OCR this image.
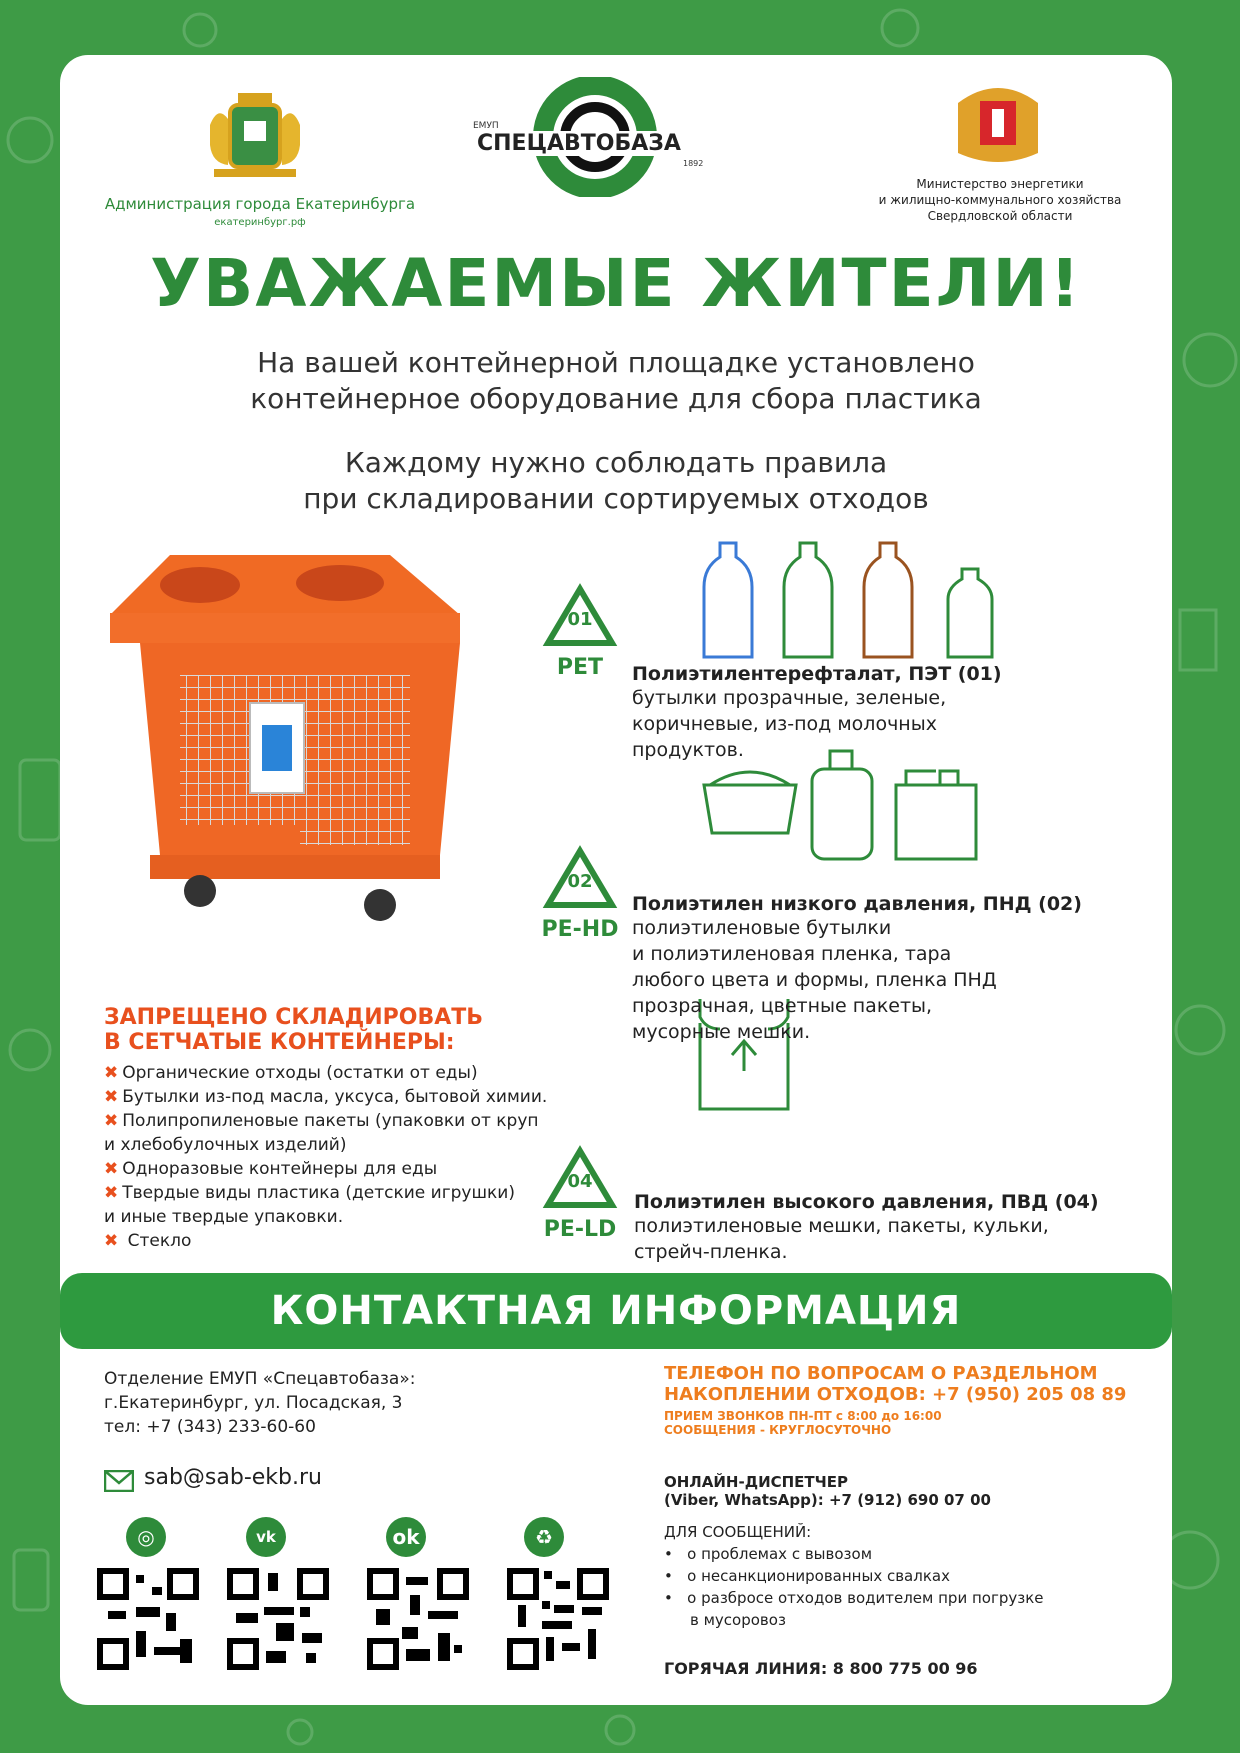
Администрация города Екатеринбурга
екатеринбург.рф
ЕМУП
СПЕЦАВТОБАЗА
1892
Министерство энергетики
и жилищно-коммунального хозяйства
Свердловской области
УВАЖАЕМЫЕ ЖИТЕЛИ!
На вашей контейнерной площадке установлено
контейнерное оборудование для сбора пластика
Каждому нужно соблюдать правила
при складировании сортируемых отходов
01
PET	Полиэтилентерефталат, ПЭТ (01)
бутылки прозрачные, зеленые,
коричневые, из-под молочных
продуктов.
02
PE-HD
Полиэтилен низкого давления, ПНД (02)
полиэтиленовые бутылки
и полиэтиленовая пленка, тара
любого цвета и формы, пленка ПНД
прозрачная, цветные пакеты,
мусорные мешки.
04
PE-LD
Полиэтилен высокого давления, ПВД (04)
полиэтиленовые мешки, пакеты, кульки,
стрейч-пленка.
ЗАПРЕЩЕНО СКЛАДИРОВАТЬ
В СЕТЧАТЫЕ КОНТЕЙНЕРЫ:
✖ Органические отходы (остатки от еды)
✖ Бутылки из-под масла, уксуса, бытовой химии.
✖ Полипропиленовые пакеты (упаковки от круп
и хлебобулочных изделий)
✖ Одноразовые контейнеры для еды
✖ Твердые виды пластика (детские игрушки)
и иные твердые упаковки.
✖ Стекло
КОНТАКТНАЯ ИНФОРМАЦИЯ
Отделение ЕМУП «Спецавтобаза»:
г.Екатеринбург, ул. Посадская, 3
тел: +7 (343) 233-60-60
sab@sab-ekb.ru
◎	vk	ok	♻
ТЕЛЕФОН ПО ВОПРОСАМ О РАЗДЕЛЬНОМ
НАКОПЛЕНИИ ОТХОДОВ: +7 (950) 205 08 89
ПРИЕМ ЗВОНКОВ ПН-ПТ с 8:00 до 16:00
СООБЩЕНИЯ - КРУГЛОСУТОЧНО
ОНЛАЙН-ДИСПЕТЧЕР
(Viber, WhatsApp): +7 (912) 690 07 00
ДЛЯ СООБЩЕНИЙ:
•   о проблемах с вывозом
•   о несанкционированных свалках
•   о разбросе отходов водителем при погрузке
в мусоровоз
ГОРЯЧАЯ ЛИНИЯ: 8 800 775 00 96
